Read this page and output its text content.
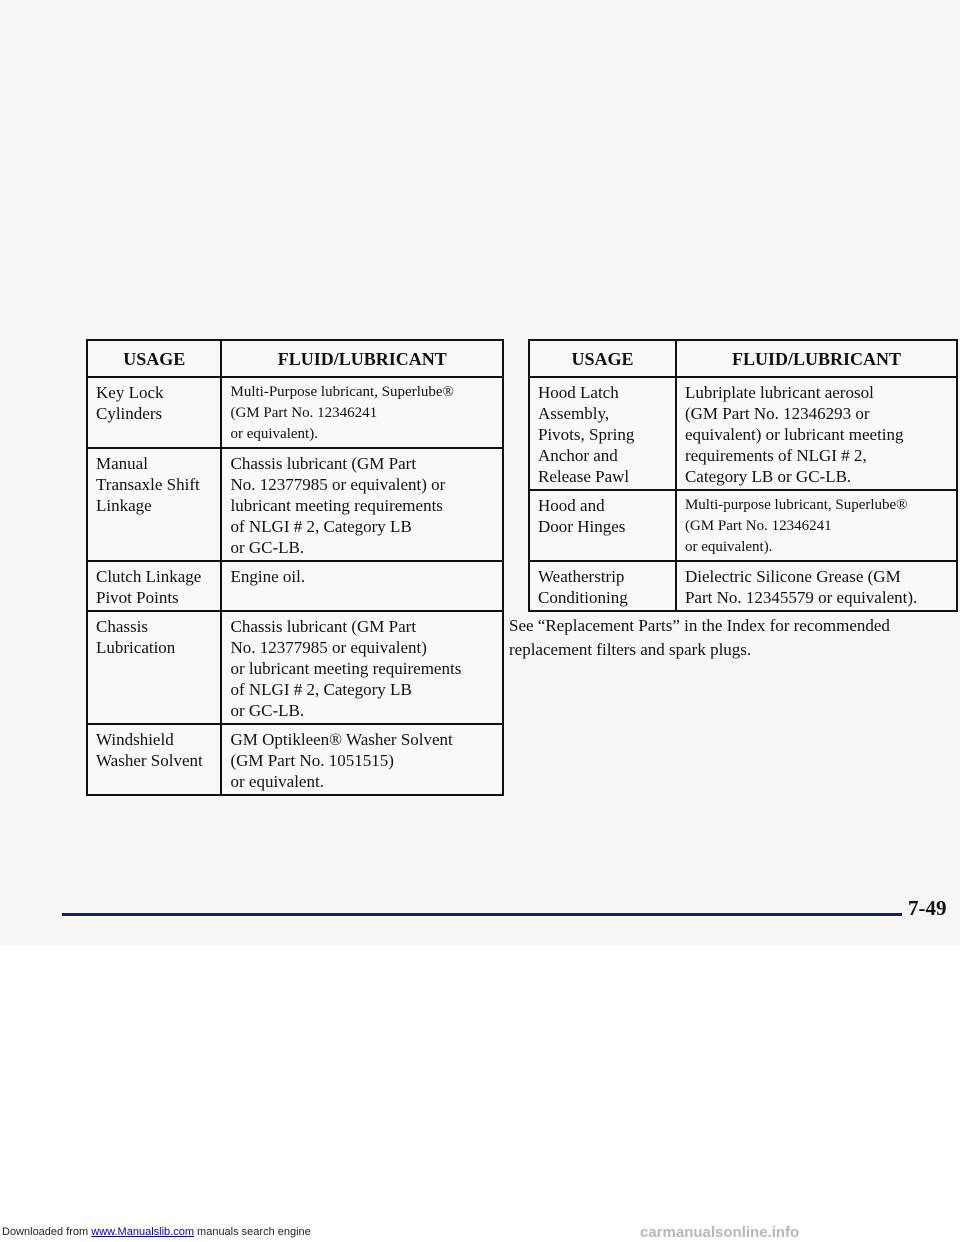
USAGE	FLUID/LUBRICANT

Key Lock
Cylinders	Multi-Purpose lubricant, Superlube®
(GM Part No. 12346241
or equivalent).

Manual
Transaxle Shift
Linkage	Chassis lubricant (GM Part
No. 12377985 or equivalent) or
lubricant meeting requirements
of NLGI # 2, Category LB
or GC-LB.

Clutch Linkage
Pivot Points	Engine oil.

Chassis
Lubrication	Chassis lubricant (GM Part
No. 12377985 or equivalent)
or lubricant meeting requirements
of NLGI # 2, Category LB
or GC-LB.

Windshield
Washer Solvent	GM Optikleen® Washer Solvent
(GM Part No. 1051515)
or equivalent.
USAGE	FLUID/LUBRICANT

Hood Latch
Assembly,
Pivots, Spring
Anchor and
Release Pawl	Lubriplate lubricant aerosol
(GM Part No. 12346293 or
equivalent) or lubricant meeting
requirements of NLGI # 2,
Category LB or GC-LB.

Hood and
Door Hinges	Multi-purpose lubricant, Superlube®
(GM Part No. 12346241
or equivalent).

Weatherstrip
Conditioning	Dielectric Silicone Grease (GM
Part No. 12345579 or equivalent).

See “Replacement Parts” in the Index for recommended
replacement filters and spark plugs.

7-49
Downloaded from www.Manualslib.com manuals search engine	carmanualsonline.info
